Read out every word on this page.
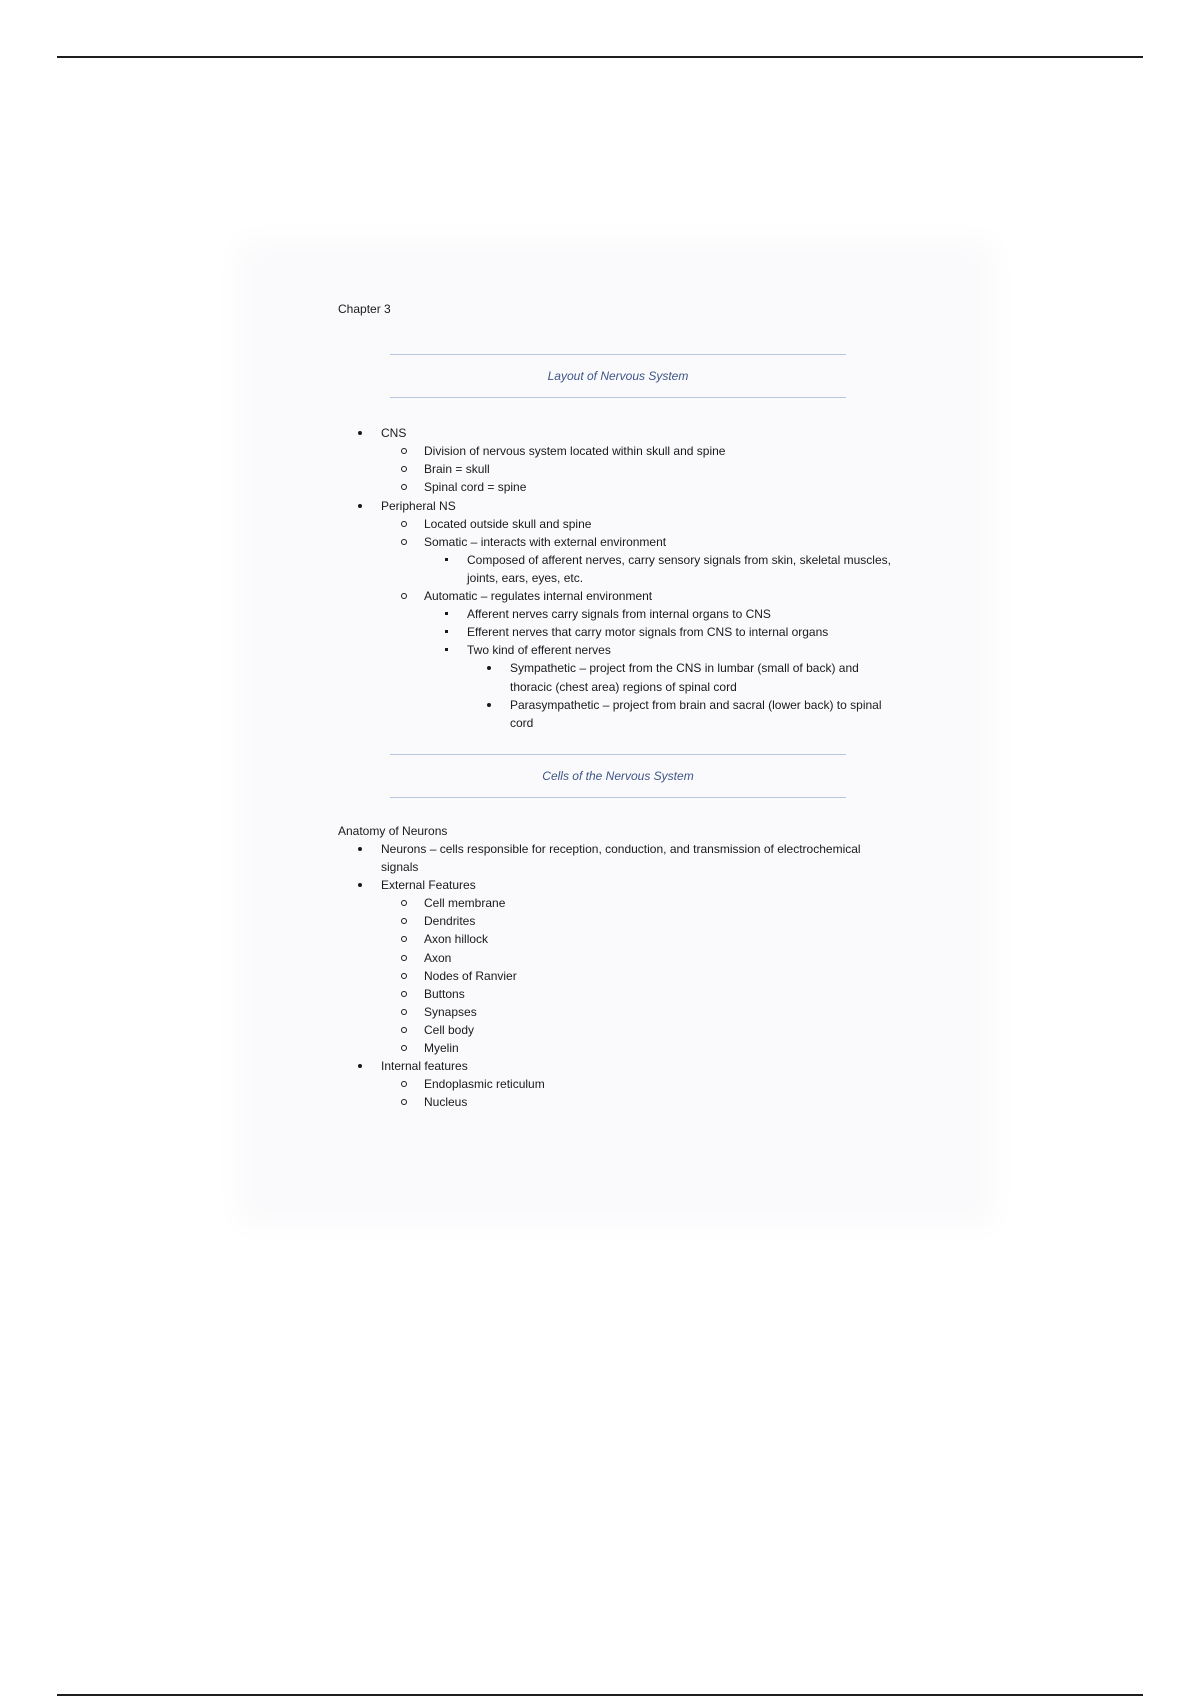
Chapter 3
Layout of Nervous System
CNS
Division of nervous system located within skull and spine
Brain = skull
Spinal cord = spine
Peripheral NS
Located outside skull and spine
Somatic – interacts with external environment
Composed of afferent nerves, carry sensory signals from skin, skeletal muscles, joints, ears, eyes, etc.
Automatic – regulates internal environment
Afferent nerves carry signals from internal organs to CNS
Efferent nerves that carry motor signals from CNS to internal organs
Two kind of efferent nerves
Sympathetic – project from the CNS in lumbar (small of back) and thoracic (chest area) regions of spinal cord
Parasympathetic – project from brain and sacral (lower back) to spinal cord
Cells of the Nervous System
Anatomy of Neurons
Neurons – cells responsible for reception, conduction, and transmission of electrochemical signals
External Features
Cell membrane
Dendrites
Axon hillock
Axon
Nodes of Ranvier
Buttons
Synapses
Cell body
Myelin
Internal features
Endoplasmic reticulum
Nucleus
